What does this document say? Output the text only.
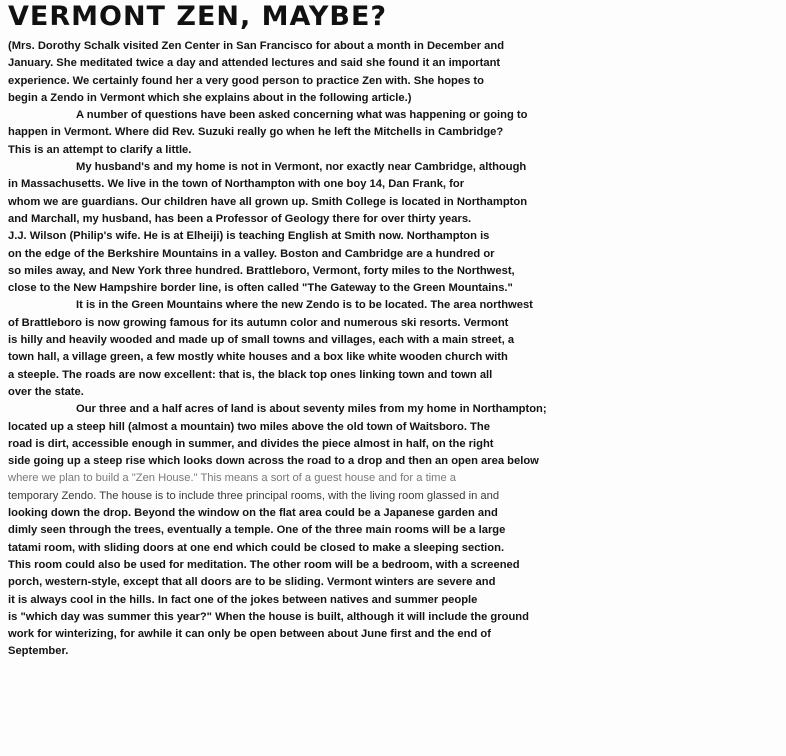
VERMONT ZEN, MAYBE?
(Mrs. Dorothy Schalk visited Zen Center in San Francisco for about a month in December and
January. She meditated twice a day and attended lectures and said she found it an important
experience. We certainly found her a very good person to practice Zen with. She hopes to
begin a Zendo in Vermont which she explains about in the following article.)
A number of questions have been asked concerning what was happening or going to
happen in Vermont. Where did Rev. Suzuki really go when he left the Mitchells in Cambridge?
This is an attempt to clarify a little.
My husband's and my home is not in Vermont, nor exactly near Cambridge, although
in Massachusetts. We live in the town of Northampton with one boy 14, Dan Frank, for
whom we are guardians. Our children have all grown up. Smith College is located in Northampton
and Marchall, my husband, has been a Professor of Geology there for over thirty years.
J.J. Wilson (Philip's wife. He is at Elheiji) is teaching English at Smith now. Northampton is
on the edge of the Berkshire Mountains in a valley. Boston and Cambridge are a hundred or
so miles away, and New York three hundred. Brattleboro, Vermont, forty miles to the Northwest,
close to the New Hampshire border line, is often called "The Gateway to the Green Mountains."
It is in the Green Mountains where the new Zendo is to be located. The area northwest
of Brattleboro is now growing famous for its autumn color and numerous ski resorts. Vermont
is hilly and heavily wooded and made up of small towns and villages, each with a main street, a
town hall, a village green, a few mostly white houses and a box like white wooden church with
a steeple. The roads are now excellent: that is, the black top ones linking town and town all
over the state.
Our three and a half acres of land is about seventy miles from my home in Northampton;
located up a steep hill (almost a mountain) two miles above the old town of Waitsboro. The
road is dirt, accessible enough in summer, and divides the piece almost in half, on the right
side going up a steep rise which looks down across the road to a drop and then an open area below
where we plan to build a "Zen House." This means a sort of a guest house and for a time a
temporary Zendo. The house is to include three principal rooms, with the living room glassed in and
looking down the drop. Beyond the window on the flat area could be a Japanese garden and
dimly seen through the trees, eventually a temple. One of the three main rooms will be a large
tatami room, with sliding doors at one end which could be closed to make a sleeping section.
This room could also be used for meditation. The other room will be a bedroom, with a screened
porch, western-style, except that all doors are to be sliding. Vermont winters are severe and
it is always cool in the hills. In fact one of the jokes between natives and summer people
is "which day was summer this year?" When the house is built, although it will include the ground
work for winterizing, for awhile it can only be open between about June first and the end of
September.
